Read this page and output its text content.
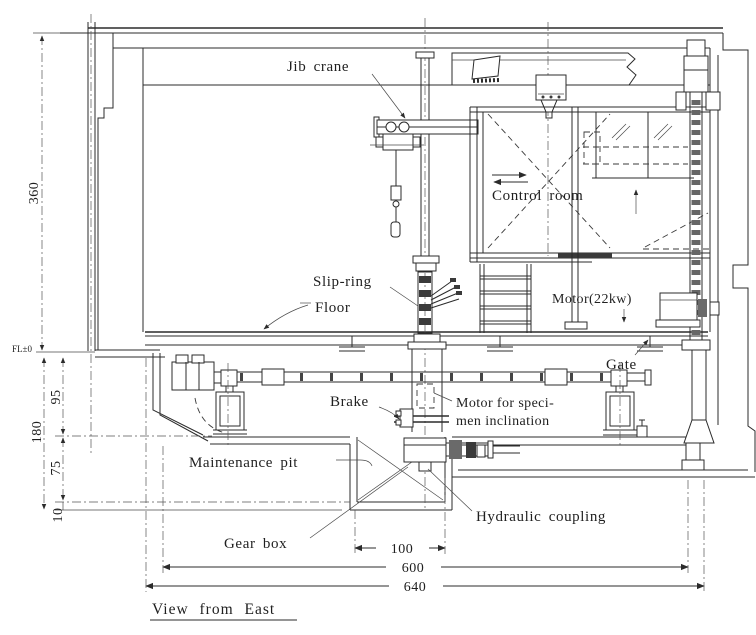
Jib crane
Control room
Motor(22kw)
Slip-ring
Floor
Gate
Brake	Motor for speci-
men inclination
Maintenance pit
Hydraulic coupling
Gear box
FL±0
360
95
180
75
10
100
600
640
View from East
